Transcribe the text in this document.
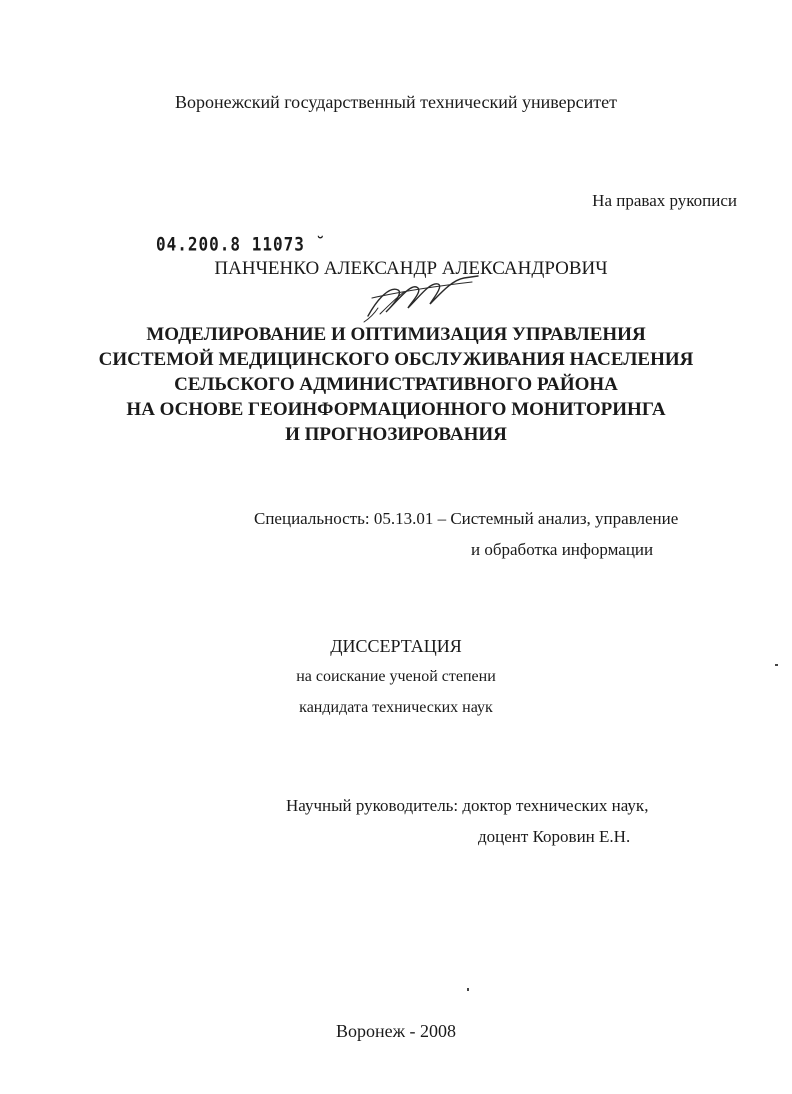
Воронежский государственный технический университет
На правах рукописи
04.200.8 11073 ˘
ПАНЧЕНКО АЛЕКСАНДР АЛЕКСАНДРОВИЧ
МОДЕЛИРОВАНИЕ И ОПТИМИЗАЦИЯ УПРАВЛЕНИЯ
СИСТЕМОЙ МЕДИЦИНСКОГО ОБСЛУЖИВАНИЯ НАСЕЛЕНИЯ
СЕЛЬСКОГО АДМИНИСТРАТИВНОГО РАЙОНА
НА ОСНОВЕ ГЕОИНФОРМАЦИОННОГО МОНИТОРИНГА
И ПРОГНОЗИРОВАНИЯ
Специальность: 05.13.01 – Системный анализ, управление
и обработка информации
ДИССЕРТАЦИЯ
на соискание ученой степени
кандидата технических наук
Научный руководитель: доктор технических наук,
доцент Коровин Е.Н.
Воронеж - 2008
